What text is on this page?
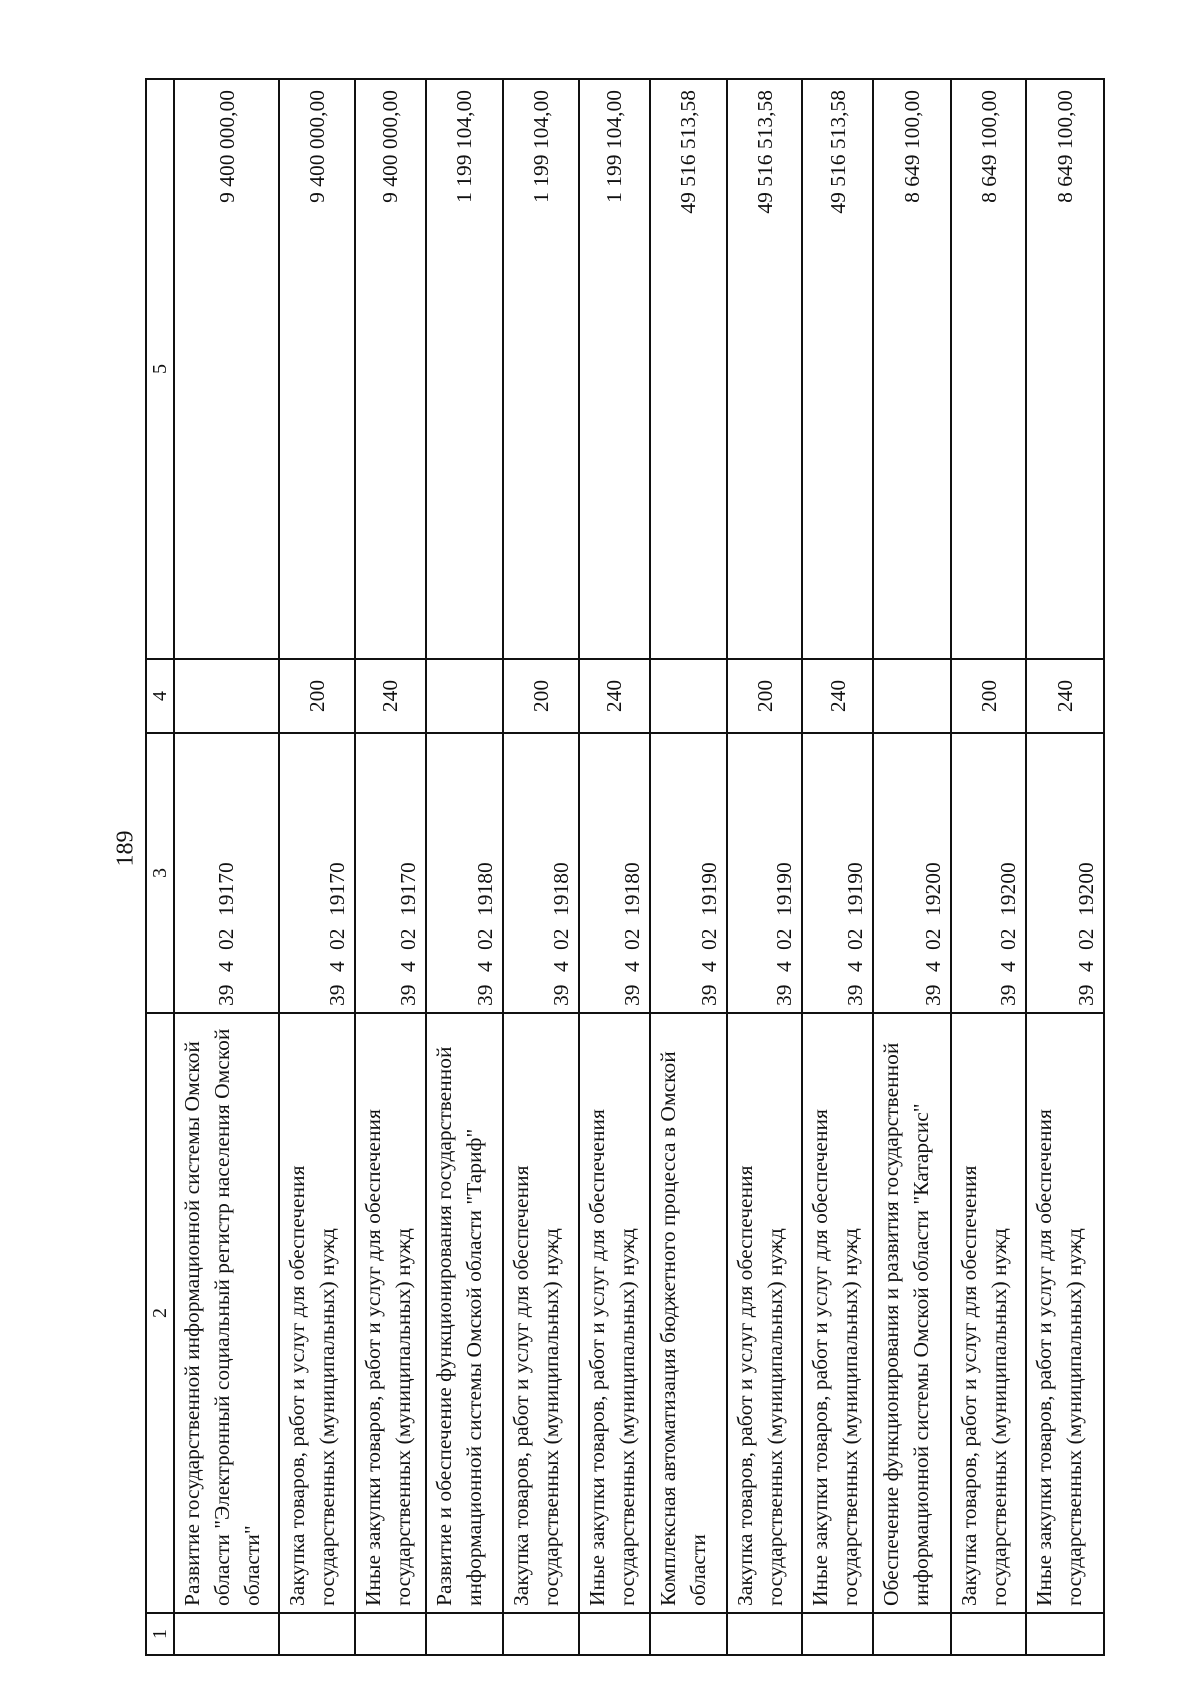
189
1	2	3	4	5
	Развитие государственной информационной системы Омской области "Электронный социальный регистр населения Омской области"	3940219170		9 400 000,00
	Закупка товаров, работ и услуг для обеспечения государственных (муниципальных) нужд	3940219170	200	9 400 000,00
	Иные закупки товаров, работ и услуг для обеспечения государственных (муниципальных) нужд	3940219170	240	9 400 000,00
	Развитие и обеспечение функционирования государственной информационной системы Омской области "Тариф"	3940219180		1 199 104,00
	Закупка товаров, работ и услуг для обеспечения государственных (муниципальных) нужд	3940219180	200	1 199 104,00
	Иные закупки товаров, работ и услуг для обеспечения государственных (муниципальных) нужд	3940219180	240	1 199 104,00
	Комплексная автоматизация бюджетного процесса в Омской области	3940219190		49 516 513,58
	Закупка товаров, работ и услуг для обеспечения государственных (муниципальных) нужд	3940219190	200	49 516 513,58
	Иные закупки товаров, работ и услуг для обеспечения государственных (муниципальных) нужд	3940219190	240	49 516 513,58
	Обеспечение функционирования и развития государственной информационной системы Омской области "Катарсис"	3940219200		8 649 100,00
	Закупка товаров, работ и услуг для обеспечения государственных (муниципальных) нужд	3940219200	200	8 649 100,00
	Иные закупки товаров, работ и услуг для обеспечения государственных (муниципальных) нужд	3940219200	240	8 649 100,00
